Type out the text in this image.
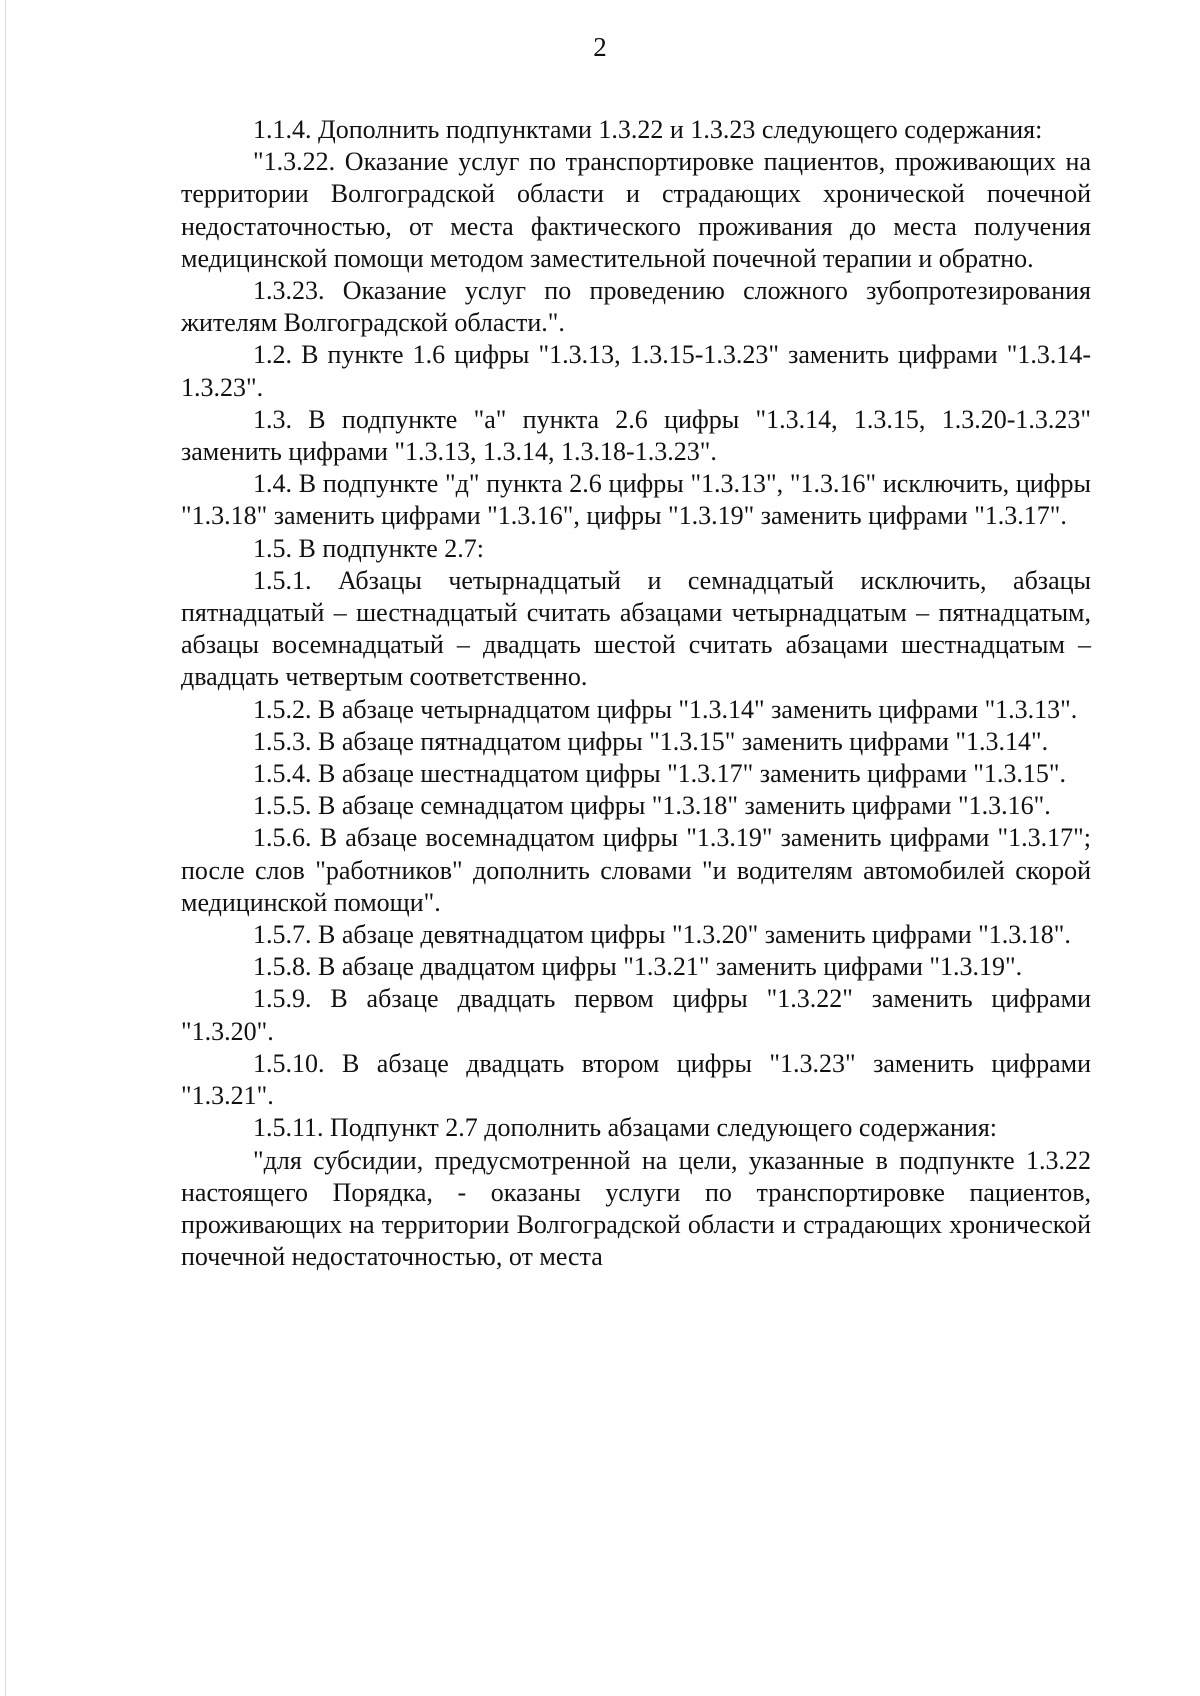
2

1.1.4. Дополнить подпунктами 1.3.22 и 1.3.23 следующего содержания:

"1.3.22. Оказание услуг по транспортировке пациентов, проживающих на территории Волгоградской области и страдающих хронической почечной недостаточностью, от места фактического проживания до места получения медицинской помощи методом заместительной почечной терапии и обратно.

1.3.23. Оказание услуг по проведению сложного зубопротезирования жителям Волгоградской области.".

1.2. В пункте 1.6 цифры "1.3.13, 1.3.15-1.3.23" заменить цифрами "1.3.14-1.3.23".

1.3. В подпункте "а" пункта 2.6 цифры "1.3.14, 1.3.15, 1.3.20-1.3.23" заменить цифрами "1.3.13, 1.3.14, 1.3.18-1.3.23".

1.4. В подпункте "д" пункта 2.6 цифры "1.3.13", "1.3.16" исключить, цифры "1.3.18" заменить цифрами "1.3.16", цифры "1.3.19" заменить цифрами "1.3.17".

1.5. В подпункте 2.7:

1.5.1. Абзацы четырнадцатый и семнадцатый исключить, абзацы пятнадцатый – шестнадцатый считать абзацами четырнадцатым – пятнадцатым, абзацы восемнадцатый – двадцать шестой считать абзацами шестнадцатым – двадцать четвертым соответственно.

1.5.2. В абзаце четырнадцатом цифры "1.3.14" заменить цифрами "1.3.13".

1.5.3. В абзаце пятнадцатом цифры "1.3.15" заменить цифрами "1.3.14".

1.5.4. В абзаце шестнадцатом цифры "1.3.17" заменить цифрами "1.3.15".

1.5.5. В абзаце семнадцатом цифры "1.3.18" заменить цифрами "1.3.16".

1.5.6. В абзаце восемнадцатом цифры "1.3.19" заменить цифрами "1.3.17"; после слов "работников" дополнить словами "и водителям автомобилей скорой медицинской помощи".

1.5.7. В абзаце девятнадцатом цифры "1.3.20" заменить цифрами "1.3.18".

1.5.8. В абзаце двадцатом цифры "1.3.21" заменить цифрами "1.3.19".

1.5.9. В абзаце двадцать первом цифры "1.3.22" заменить цифрами "1.3.20".

1.5.10. В абзаце двадцать втором цифры "1.3.23" заменить цифрами "1.3.21".

1.5.11. Подпункт 2.7 дополнить абзацами следующего содержания:

"для субсидии, предусмотренной на цели, указанные в подпункте 1.3.22 настоящего Порядка, - оказаны услуги по транспортировке пациентов, проживающих на территории Волгоградской области и страдающих хронической почечной недостаточностью, от места
